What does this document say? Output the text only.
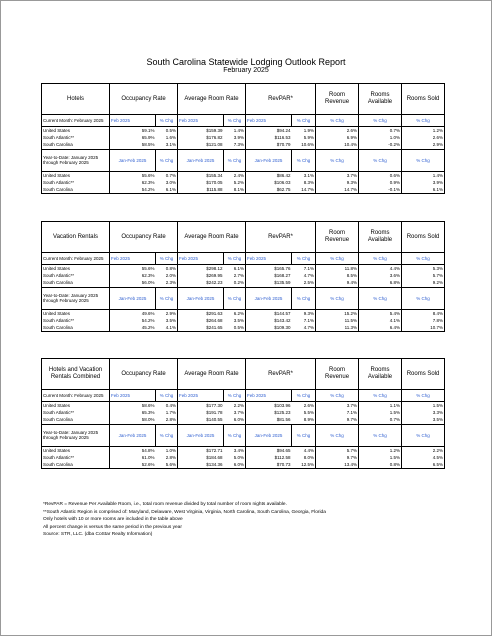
South Carolina Statewide Lodging Outlook Report
February 2025
Hotels	Occupancy Rate		Average Room Rate		RevPAR*		Room Revenue	Rooms Available	Rooms Sold
Current Month: February 2025	Feb 2025	% Chg	Feb 2025	% Chg	Feb 2025	% Chg	% Chg	% Chg	% Chg
United States	59.1%	0.5%	$159.39	1.4%	$94.24	1.9%	2.6%	0.7%	1.2%
South Atlantic**	65.9%	1.6%	$176.82	3.9%	$116.53	5.9%	6.9%	1.0%	2.6%
South Carolina	58.5%	3.1%	$121.08	7.3%	$70.79	10.6%	10.4%	-0.2%	2.9%
Year-to-Date: January 2025 through February 2025	Jan-Feb 2025	% Chg	Jan-Feb 2025	% Chg	Jan-Feb 2025	% Chg	% Chg	% Chg	% Chg
United States	55.6%	0.7%	$155.34	2.4%	$86.42	3.1%	3.7%	0.6%	1.4%
South Atlantic**	62.3%	3.0%	$170.05	5.2%	$106.03	8.3%	9.3%	0.9%	3.9%
South Carolina	54.2%	6.1%	$115.88	8.1%	$62.75	14.7%	14.7%	-0.1%	6.1%
Vacation Rentals	Occupancy Rate		Average Room Rate		RevPAR*		Room Revenue	Rooms Available	Rooms Sold
Current Month: February 2025	Feb 2025	% Chg	Feb 2025	% Chg	Feb 2025	% Chg	% Chg	% Chg	% Chg
United States	55.6%	0.8%	$298.12	6.1%	$165.76	7.1%	11.8%	4.4%	5.3%
South Atlantic**	62.3%	2.0%	$269.95	2.7%	$168.27	4.7%	8.5%	3.6%	5.7%
South Carolina	56.0%	2.3%	$242.23	0.2%	$135.59	2.5%	9.4%	6.8%	9.2%
Year-to-Date: January 2025 through February 2025	Jan-Feb 2025	% Chg	Jan-Feb 2025	% Chg	Jan-Feb 2025	% Chg	% Chg	% Chg	% Chg
United States	49.6%	2.9%	$291.63	6.2%	$144.57	9.3%	15.2%	5.4%	8.4%
South Atlantic**	54.2%	3.5%	$264.68	3.5%	$143.42	7.1%	11.5%	4.1%	7.8%
South Carolina	45.2%	4.1%	$241.65	0.5%	$109.30	4.7%	11.3%	6.4%	10.7%
Hotels and Vacation Rentals Combined	Occupancy Rate		Average Room Rate		RevPAR*		Room Revenue	Rooms Available	Rooms Sold
Current Month: February 2025	Feb 2025	% Chg	Feb 2025	% Chg	Feb 2025	% Chg	% Chg	% Chg	% Chg
United States	58.6%	0.4%	$177.30	2.2%	$103.96	2.6%	3.7%	1.1%	1.5%
South Atlantic**	65.3%	1.7%	$191.78	3.7%	$125.23	5.5%	7.1%	1.5%	3.3%
South Carolina	58.0%	2.8%	$140.55	6.0%	$81.56	8.9%	9.7%	0.7%	3.5%
Year-to-Date: January 2025 through February 2025	Jan-Feb 2025	% Chg	Jan-Feb 2025	% Chg	Jan-Feb 2025	% Chg	% Chg	% Chg	% Chg
United States	54.8%	1.0%	$172.71	3.4%	$94.65	4.4%	5.7%	1.2%	2.2%
South Atlantic**	61.0%	2.8%	$184.68	5.0%	$112.58	8.0%	9.7%	1.5%	4.5%
South Carolina	52.6%	5.6%	$134.36	6.0%	$70.73	12.5%	13.4%	0.8%	6.5%
*RevPAR = Revenue Per Available Room, i.e., total room revenue divided by total number of room nights available.
**South Atlantic Region is comprised of: Maryland, Delaware, West Virginia, Virginia, North Carolina, South Carolina, Georgia, Florida
Only hotels with 10 or more rooms are included in the table above
All percent change is versus the same period in the previous year
Source: STR, LLC. (dba CoStar Realty Information)
